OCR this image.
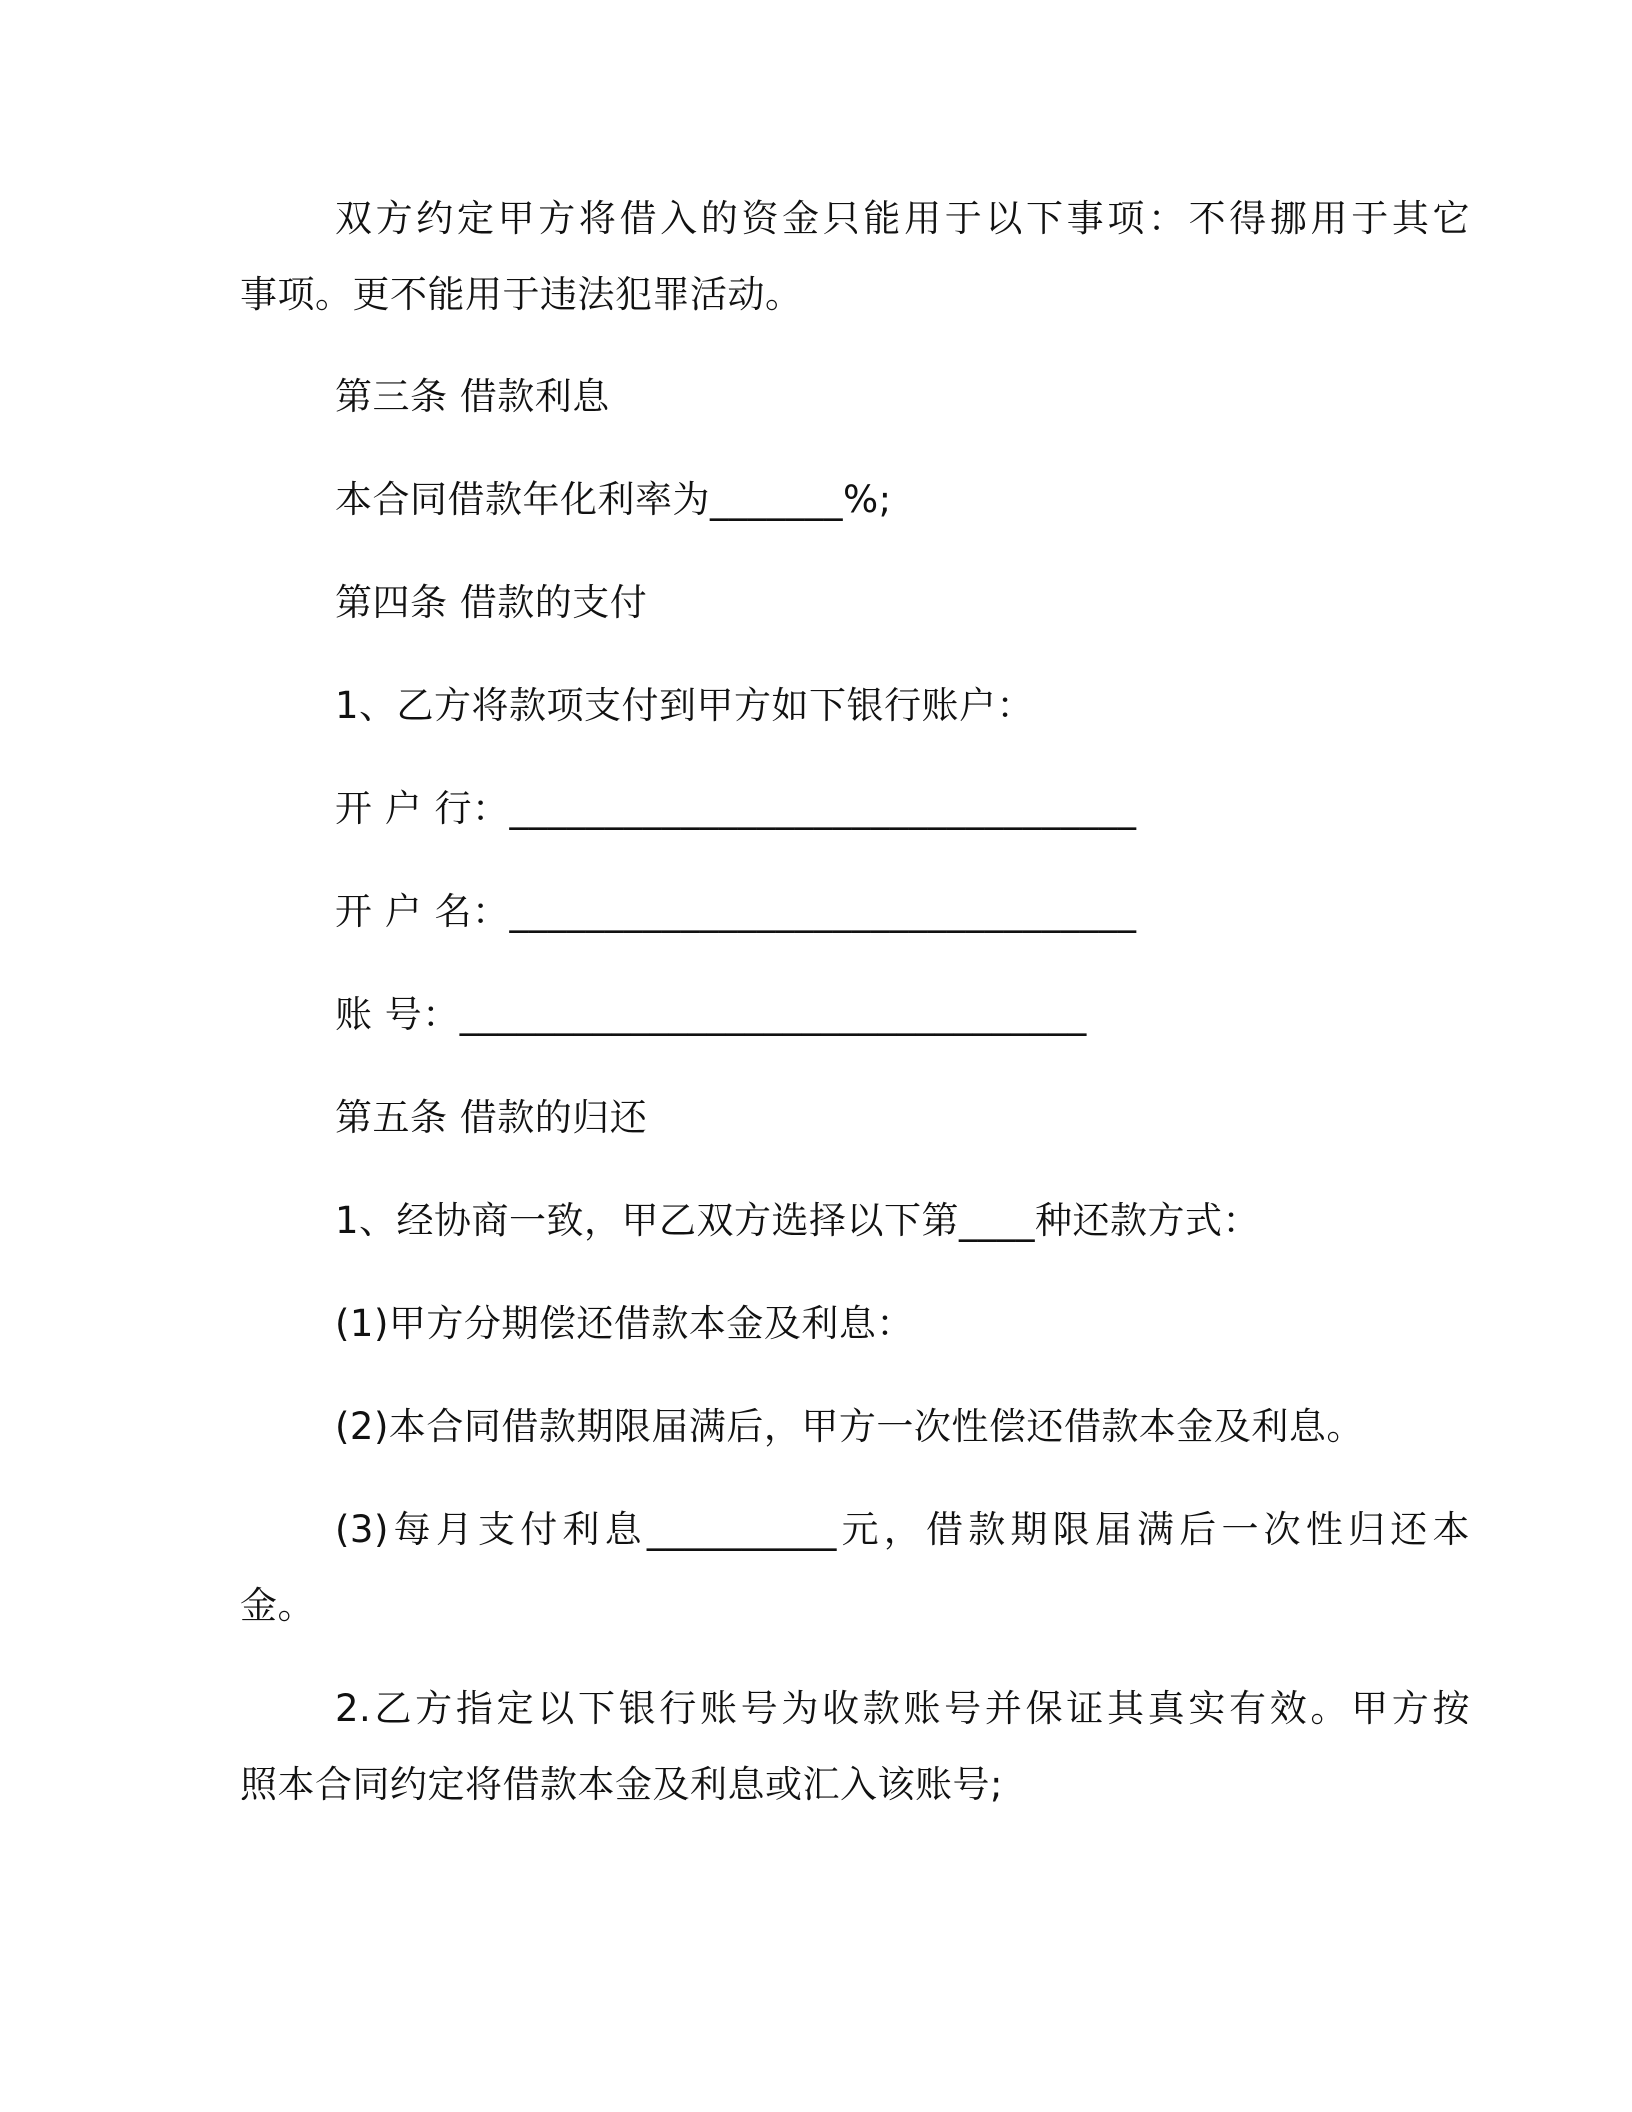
双方约定甲方将借入的资金只能用于以下事项：不得挪用于其它
事项。更不能用于违法犯罪活动。
第三条 借款利息
本合同借款年化利率为_______%;
第四条 借款的支付
1、乙方将款项支付到甲方如下银行账户：
开 户 行：_________________________________
开 户 名：_________________________________
账 号：_________________________________
第五条 借款的归还
1、经协商一致，甲乙双方选择以下第____种还款方式：
(1)甲方分期偿还借款本金及利息：
(2)本合同借款期限届满后，甲方一次性偿还借款本金及利息。
(3)每月支付利息__________元，借款期限届满后一次性归还本
金。
2.乙方指定以下银行账号为收款账号并保证其真实有效。甲方按
照本合同约定将借款本金及利息或汇入该账号;
